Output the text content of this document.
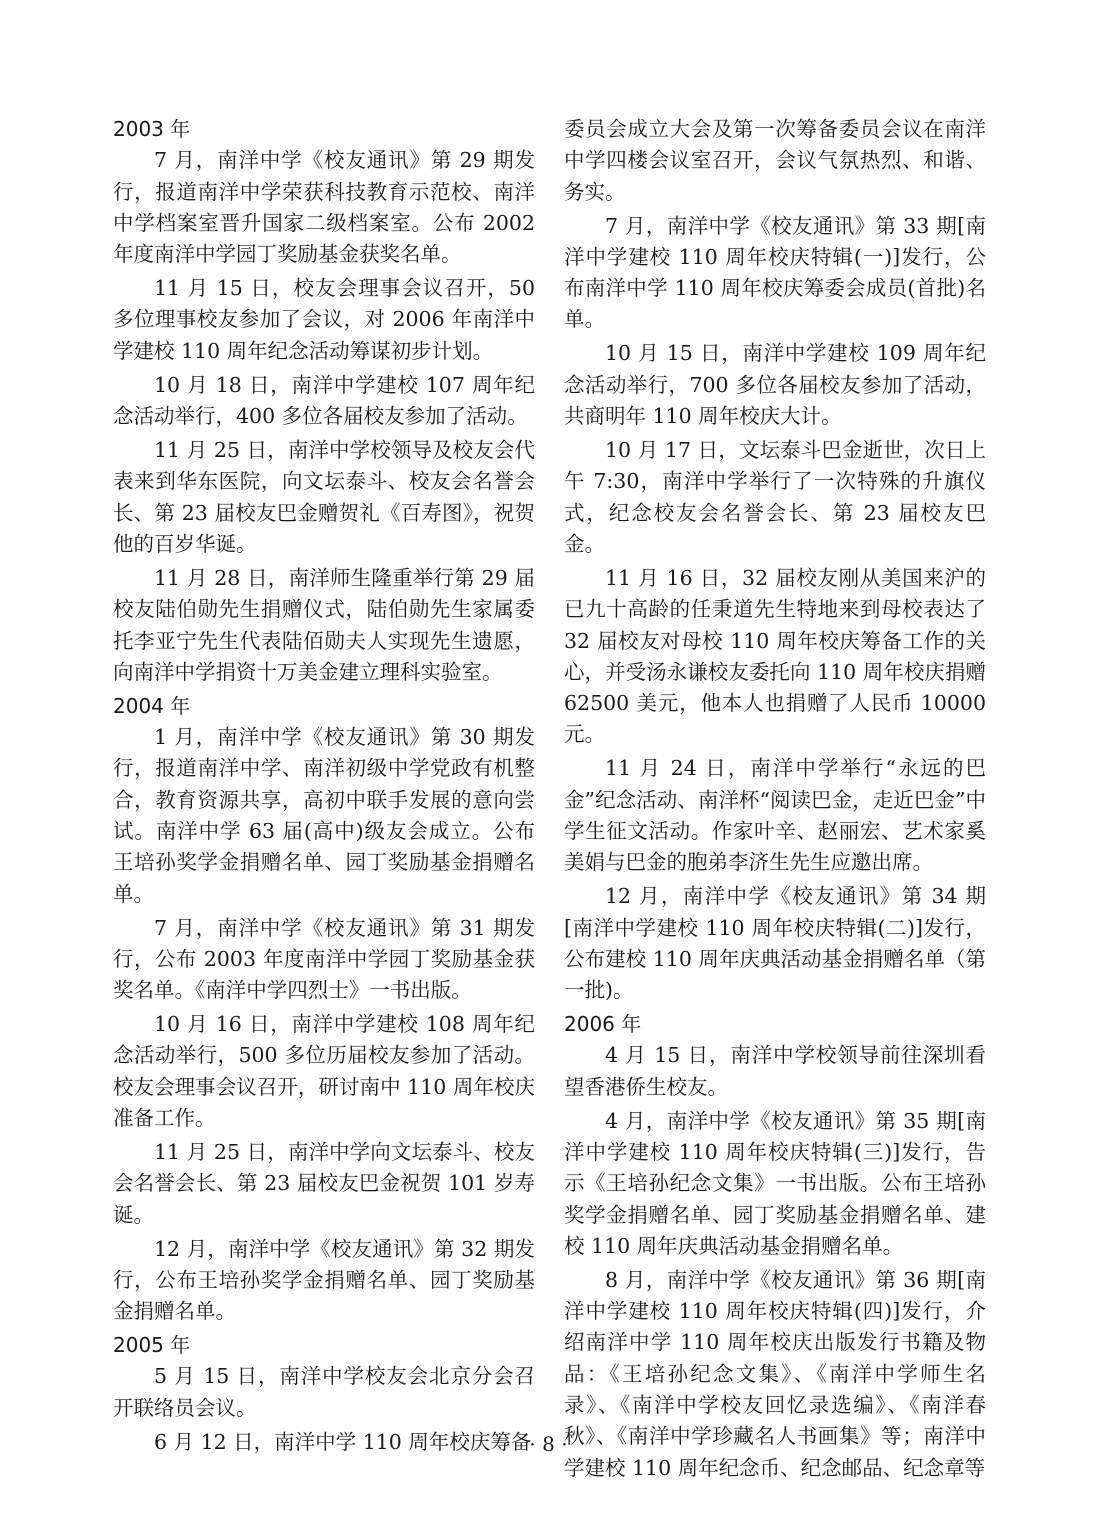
2003 年

7 月，南洋中学《校友通讯》第 29 期发行，报道南洋中学荣获科技教育示范校、南洋中学档案室晋升国家二级档案室。公布 2002 年度南洋中学园丁奖励基金获奖名单。

11 月 15 日，校友会理事会议召开，50 多位理事校友参加了会议，对 2006 年南洋中学建校 110 周年纪念活动筹谋初步计划。

10 月 18 日，南洋中学建校 107 周年纪念活动举行，400 多位各届校友参加了活动。

11 月 25 日，南洋中学校领导及校友会代表来到华东医院，向文坛泰斗、校友会名誉会长、第 23 届校友巴金赠贺礼《百寿图》，祝贺他的百岁华诞。

11 月 28 日，南洋师生隆重举行第 29 届校友陆伯勋先生捐赠仪式，陆伯勋先生家属委托李亚宁先生代表陆佰勋夫人实现先生遗愿，向南洋中学捐资十万美金建立理科实验室。

2004 年

1 月，南洋中学《校友通讯》第 30 期发行，报道南洋中学、南洋初级中学党政有机整合，教育资源共享，高初中联手发展的意向尝试。南洋中学 63 届(高中)级友会成立。公布王培孙奖学金捐赠名单、园丁奖励基金捐赠名单。

7 月，南洋中学《校友通讯》第 31 期发行，公布 2003 年度南洋中学园丁奖励基金获奖名单。《南洋中学四烈士》一书出版。

10 月 16 日，南洋中学建校 108 周年纪念活动举行，500 多位历届校友参加了活动。校友会理事会议召开，研讨南中 110 周年校庆准备工作。

11 月 25 日，南洋中学向文坛泰斗、校友会名誉会长、第 23 届校友巴金祝贺 101 岁寿诞。

12 月，南洋中学《校友通讯》第 32 期发行，公布王培孙奖学金捐赠名单、园丁奖励基金捐赠名单。

2005 年

5 月 15 日，南洋中学校友会北京分会召开联络员会议。

6 月 12 日，南洋中学 110 周年校庆筹备

委员会成立大会及第一次筹备委员会议在南洋中学四楼会议室召开，会议气氛热烈、和谐、务实。

7 月，南洋中学《校友通讯》第 33 期[南洋中学建校 110 周年校庆特辑(一)]发行，公布南洋中学 110 周年校庆筹委会成员(首批)名单。

10 月 15 日，南洋中学建校 109 周年纪念活动举行，700 多位各届校友参加了活动，共商明年 110 周年校庆大计。

10 月 17 日，文坛泰斗巴金逝世，次日上午 7:30，南洋中学举行了一次特殊的升旗仪式，纪念校友会名誉会长、第 23 届校友巴金。

11 月 16 日，32 届校友刚从美国来沪的已九十高龄的任秉道先生特地来到母校表达了 32 届校友对母校 110 周年校庆筹备工作的关心，并受汤永谦校友委托向 110 周年校庆捐赠 62500 美元，他本人也捐赠了人民币 10000 元。

11 月 24 日，南洋中学举行“永远的巴金”纪念活动、南洋杯“阅读巴金，走近巴金”中学生征文活动。作家叶辛、赵丽宏、艺术家奚美娟与巴金的胞弟李济生先生应邀出席。

12 月，南洋中学《校友通讯》第 34 期[南洋中学建校 110 周年校庆特辑(二)]发行，公布建校 110 周年庆典活动基金捐赠名单（第一批)。

2006 年

4 月 15 日，南洋中学校领导前往深圳看望香港侨生校友。

4 月，南洋中学《校友通讯》第 35 期[南洋中学建校 110 周年校庆特辑(三)]发行，告示《王培孙纪念文集》一书出版。公布王培孙奖学金捐赠名单、园丁奖励基金捐赠名单、建校 110 周年庆典活动基金捐赠名单。

8 月，南洋中学《校友通讯》第 36 期[南洋中学建校 110 周年校庆特辑(四)]发行，介绍南洋中学 110 周年校庆出版发行书籍及物品：《王培孙纪念文集》、《南洋中学师生名录》、《南洋中学校友回忆录选编》、《南洋春秋》、《南洋中学珍藏名人书画集》等；南洋中学建校 110 周年纪念币、纪念邮品、纪念章等

· 8 ·
